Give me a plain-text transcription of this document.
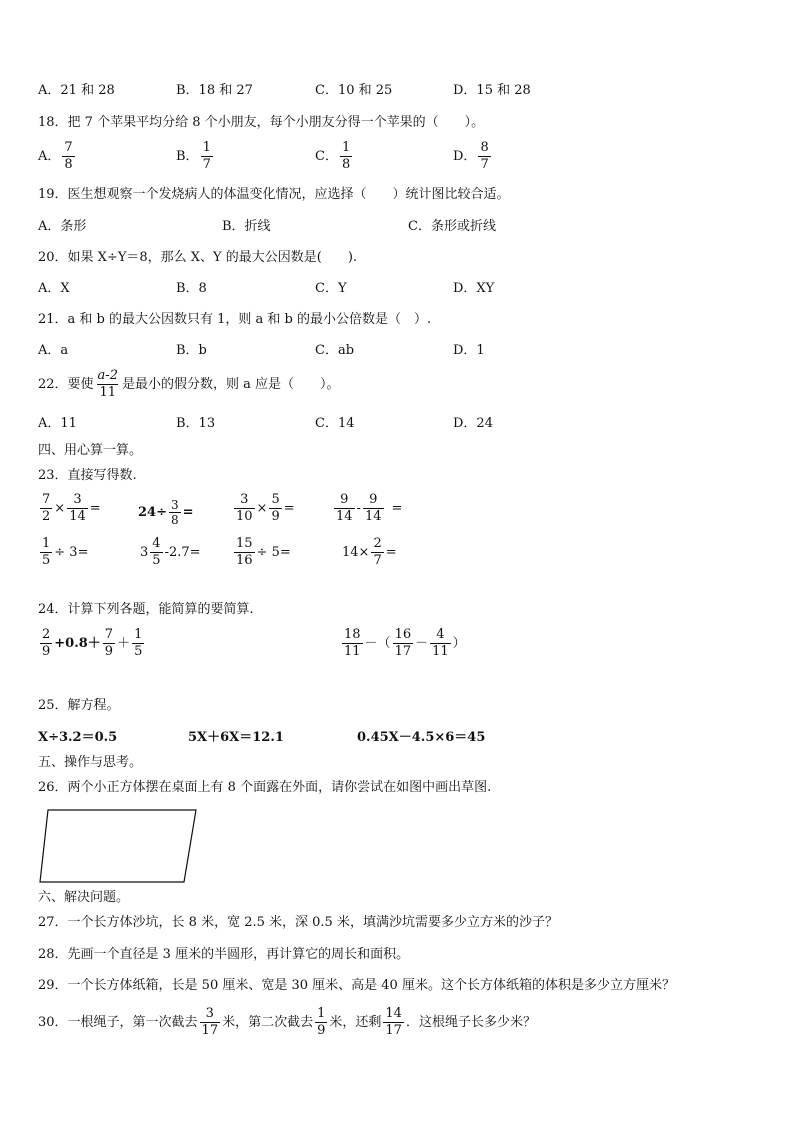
A．21 和 28	B．18 和 27	C．10 和 25	D．15 和 28
18．把 7 个苹果平均分给 8 个小朋友，每个小朋友分得一个苹果的（　　）。
A． $\frac{7}{8}$	B． $\frac{1}{7}$	C． $\frac{1}{8}$	D． $\frac{8}{7}$
19．医生想观察一个发烧病人的体温变化情况，应选择（　　）统计图比较合适。
A．条形	B．折线	C．条形或折线
20．如果 X÷Y＝8，那么 X、Y 的最大公因数是(　　).
A．X	B．8	C．Y	D．XY
21．a 和 b 的最大公因数只有 1，则 a 和 b 的最小公倍数是（　）.
A．a	B．b	C．ab	D．1
22．要使 $\frac{a-2}{11}$ 是最小的假分数，则 a 应是（　　）。
A．11	B．13	C．14	D．24
四、用心算一算。
23．直接写得数.
$\frac{7}{2} \times \frac{3}{14}$ =	$24\div \frac{3}{8}$ =	$\frac{3}{10} \times \frac{5}{9}$ =	$\frac{9}{14} - \frac{9}{14}$ =
$\frac{1}{5} \div 3=$	$3 \frac{4}{5} -2.7=$	$\frac{15}{16} \div 5=$	$14\times \frac{2}{7}$ =
24．计算下列各题，能简算的要简算.
$\frac{2}{9} +0.8+ \frac{7}{9} + \frac{1}{5}$	$\frac{18}{11}$ －（ $\frac{16}{17} - \frac{4}{11}$ ）
25．解方程。
X÷3.2＝0.5	5X＋6X＝12.1	0.45X－4.5×6＝45
五、操作与思考。
26．两个小正方体摆在桌面上有 8 个面露在外面，请你尝试在如图中画出草图.
六、解决问题。
27．一个长方体沙坑，长 8 米，宽 2.5 米，深 0.5 米，填满沙坑需要多少立方米的沙子？
28．先画一个直径是 3 厘米的半圆形，再计算它的周长和面积。
29．一个长方体纸箱，长是 50 厘米、宽是 30 厘米、高是 40 厘米。这个长方体纸箱的体积是多少立方厘米？
30．一根绳子，第一次截去 $\frac{3}{17}$ 米，第二次截去 $\frac{1}{9}$ 米，还剩 $\frac{14}{17}$ ．这根绳子长多少米？
